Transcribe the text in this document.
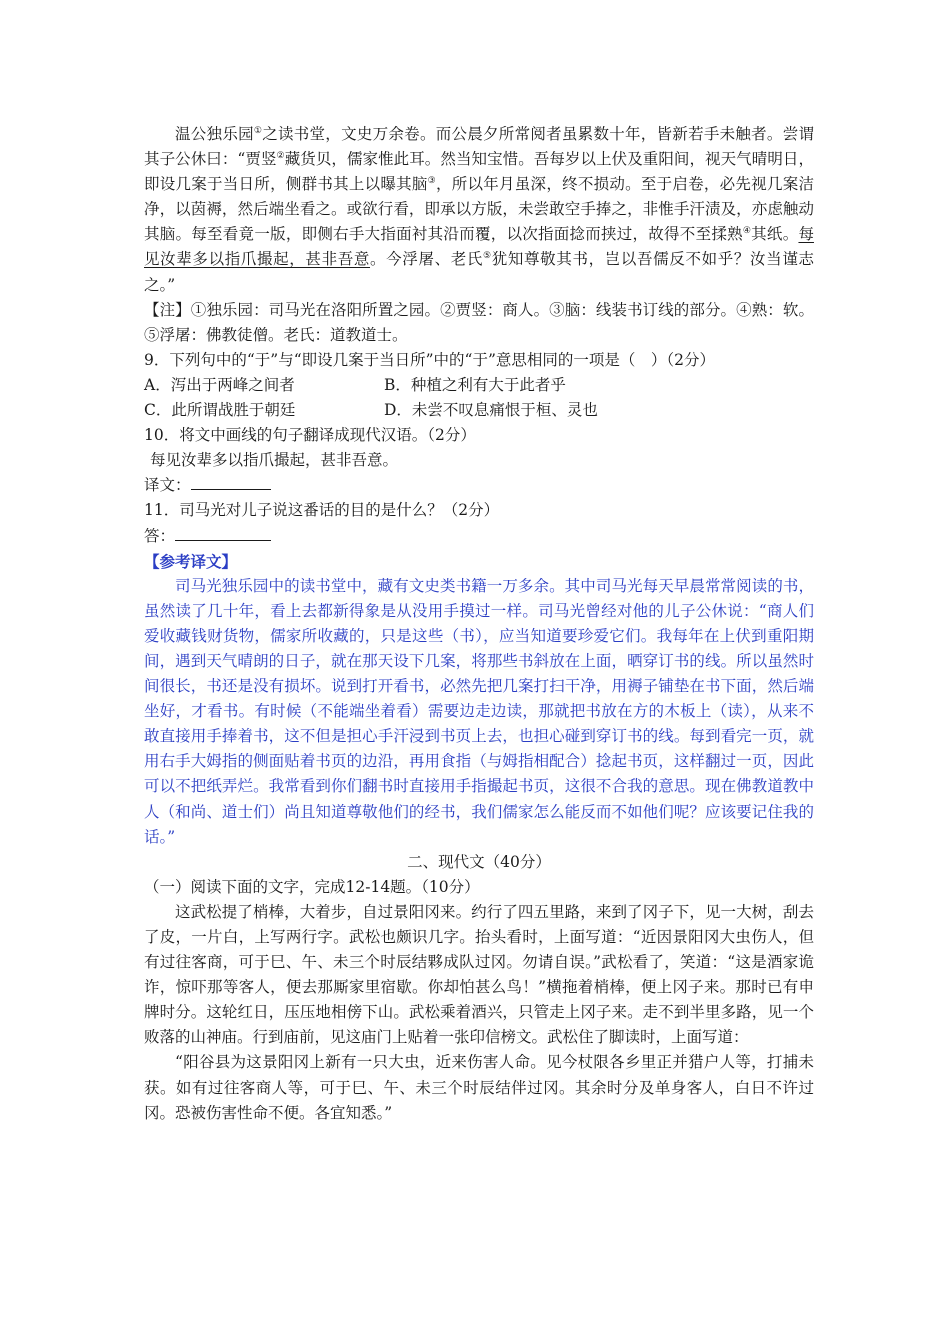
温公独乐园①之读书堂，文史万余卷。而公晨夕所常阅者虽累数十年，皆新若手未触者。尝谓其子公休曰：“贾竖②藏货贝，儒家惟此耳。然当知宝惜。吾每岁以上伏及重阳间，视天气晴明日，即设几案于当日所，侧群书其上以曝其脑③，所以年月虽深，终不损动。至于启卷，必先视几案洁净，以茵褥，然后端坐看之。或欲行看，即承以方版，未尝敢空手捧之，非惟手汗渍及，亦虑触动其脑。每至看竟一版，即侧右手大指面衬其沿而覆，以次指面捻而挟过，故得不至揉熟④其纸。每见汝辈多以指爪撮起，甚非吾意。今浮屠、老氏⑤犹知尊敬其书，岂以吾儒反不如乎？汝当谨志之。”

【注】①独乐园：司马光在洛阳所置之园。②贾竖：商人。③脑：线装书订线的部分。④熟：软。⑤浮屠：佛教徒僧。老氏：道教道士。

9．下列句中的“于”与“即设几案于当日所”中的“于”意思相同的一项是（　）（2分）

A．泻出于两峰之间者	B．种植之利有大于此者乎
C．此所谓战胜于朝廷	D．未尝不叹息痛恨于桓、灵也

10．将文中画线的句子翻译成现代汉语。（2分）

每见汝辈多以指爪撮起，甚非吾意。

译文：

11．司马光对儿子说这番话的目的是什么？（2分）

答：

【参考译文】

司马光独乐园中的读书堂中，藏有文史类书籍一万多余。其中司马光每天早晨常常阅读的书，虽然读了几十年，看上去都新得象是从没用手摸过一样。司马光曾经对他的儿子公休说：“商人们爱收藏钱财货物，儒家所收藏的，只是这些（书），应当知道要珍爱它们。我每年在上伏到重阳期间，遇到天气晴朗的日子，就在那天设下几案，将那些书斜放在上面，晒穿订书的线。所以虽然时间很长，书还是没有损坏。说到打开看书，必然先把几案打扫干净，用褥子铺垫在书下面，然后端坐好，才看书。有时候（不能端坐着看）需要边走边读，那就把书放在方的木板上（读），从来不敢直接用手捧着书，这不但是担心手汗浸到书页上去，也担心碰到穿订书的线。每到看完一页，就用右手大姆指的侧面贴着书页的边沿，再用食指（与姆指相配合）捻起书页，这样翻过一页，因此可以不把纸弄烂。我常看到你们翻书时直接用手指撮起书页，这很不合我的意思。现在佛教道教中人（和尚、道士们）尚且知道尊敬他们的经书，我们儒家怎么能反而不如他们呢？应该要记住我的话。”

二、现代文（40分）

（一）阅读下面的文字，完成12-14题。（10分）

这武松提了梢棒，大着步，自过景阳冈来。约行了四五里路，来到了冈子下，见一大树，刮去了皮，一片白，上写两行字。武松也颇识几字。抬头看时，上面写道：“近因景阳冈大虫伤人，但有过往客商，可于巳、午、未三个时辰结夥成队过冈。勿请自误。”武松看了，笑道：“这是酒家诡诈，惊吓那等客人，便去那厮家里宿歇。你却怕甚么鸟！”横拖着梢棒，便上冈子来。那时已有申牌时分。这轮红日，压压地相傍下山。武松乘着酒兴，只管走上冈子来。走不到半里多路，见一个败落的山神庙。行到庙前，见这庙门上贴着一张印信榜文。武松住了脚读时，上面写道：

“阳谷县为这景阳冈上新有一只大虫，近来伤害人命。见今杖限各乡里正并猎户人等，打捕未获。如有过往客商人等，可于巳、午、未三个时辰结伴过冈。其余时分及单身客人，白日不许过冈。恐被伤害性命不便。各宜知悉。”
